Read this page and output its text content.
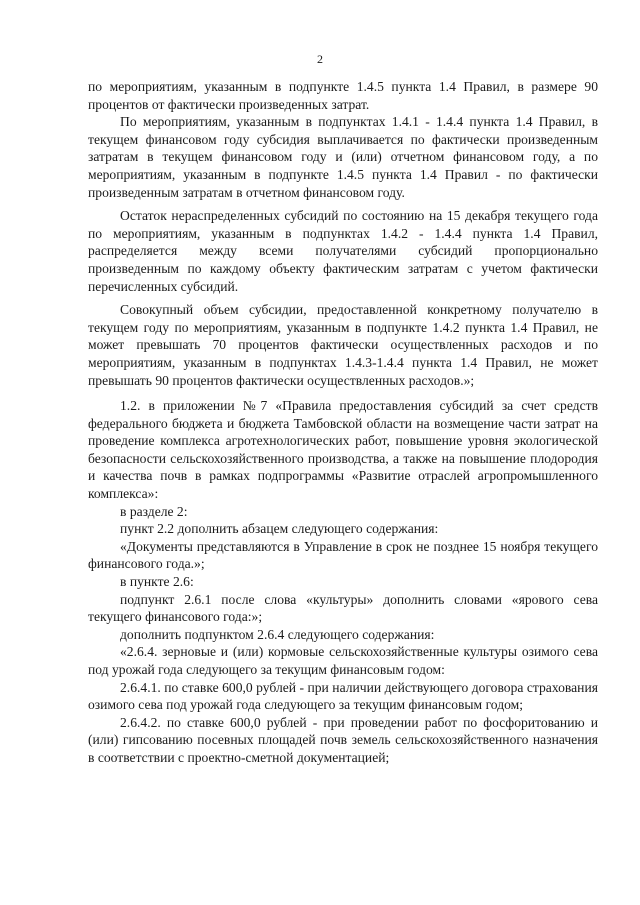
2

по мероприятиям, указанным в подпункте 1.4.5 пункта 1.4 Правил, в размере 90 процентов от фактически произведенных затрат.

По мероприятиям, указанным в подпунктах 1.4.1 - 1.4.4 пункта 1.4 Правил, в текущем финансовом году субсидия выплачивается по фактически произведенным затратам в текущем финансовом году и (или) отчетном финансовом году, а по мероприятиям, указанным в подпункте 1.4.5 пункта 1.4 Правил - по фактически произведенным затратам в отчетном финансовом году.

Остаток нераспределенных субсидий по состоянию на 15 декабря текущего года по мероприятиям, указанным в подпунктах 1.4.2 - 1.4.4 пункта 1.4 Правил, распределяется между всеми получателями субсидий пропорционально произведенным по каждому объекту фактическим затратам с учетом фактически перечисленных субсидий.

Совокупный объем субсидии, предоставленной конкретному получателю в текущем году по мероприятиям, указанным в подпункте 1.4.2 пункта 1.4 Правил, не может превышать 70 процентов фактически осуществленных расходов и по мероприятиям, указанным в подпунктах 1.4.3-1.4.4 пункта 1.4 Правил, не может превышать 90 процентов фактически осуществленных расходов.»;

1.2. в приложении №7 «Правила предоставления субсидий за счет средств федерального бюджета и бюджета Тамбовской области на возмещение части затрат на проведение комплекса агротехнологических работ, повышение уровня экологической безопасности сельскохозяйственного производства, а также на повышение плодородия и качества почв в рамках подпрограммы «Развитие отраслей агропромышленного комплекса»:

в разделе 2:

пункт 2.2 дополнить абзацем следующего содержания:

«Документы представляются в Управление в срок не позднее 15 ноября текущего финансового года.»;

в пункте 2.6:

подпункт 2.6.1 после слова «культуры» дополнить словами «ярового сева текущего финансового года:»;

дополнить подпунктом 2.6.4 следующего содержания:

«2.6.4. зерновые и (или) кормовые сельскохозяйственные культуры озимого сева под урожай года следующего за текущим финансовым годом:

2.6.4.1. по ставке 600,0 рублей - при наличии действующего договора страхования озимого сева под урожай года следующего за текущим финансовым годом;

2.6.4.2. по ставке 600,0 рублей - при проведении работ по фосфоритованию и (или) гипсованию посевных площадей почв земель сельскохозяйственного назначения в соответствии с проектно-сметной документацией;
